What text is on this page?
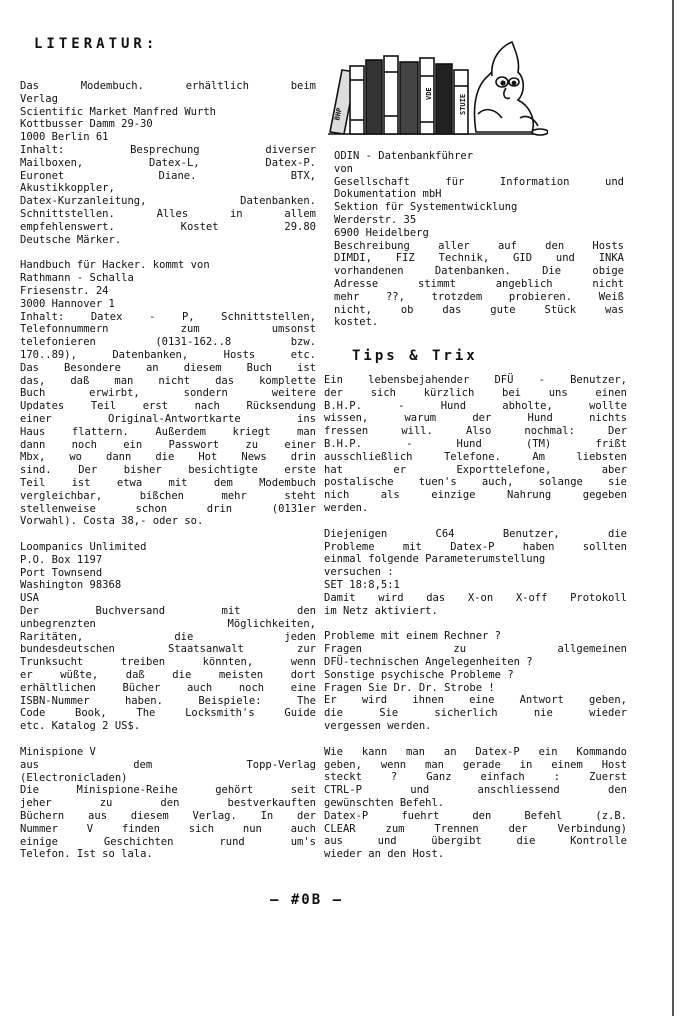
LITERATUR:
Das Modembuch. erhältlich beim
Verlag
Scientific Market Manfred Wurth
Kottbusser Damm 29-30
1000 Berlin 61
Inhalt: Besprechung diverser
Mailboxen, Datex-L, Datex-P.
Euronet Diane. BTX,
Akustikkoppler,
Datex-Kurzanleitung, Datenbanken.
Schnittstellen. Alles in allem
empfehlenswert. Kostet 29.80
Deutsche Märker.
Handbuch für Hacker. kommt von
Rathmann - Schalla
Friesenstr. 24
3000 Hannover 1
Inhalt: Datex - P, Schnittstellen,
Telefonnummern zum umsonst
telefonieren (0131-162..8 bzw.
170..89), Datenbanken, Hosts etc.
Das Besondere an diesem Buch ist
das, daß man nicht das komplette
Buch erwirbt, sondern weitere
Updates Teil erst nach Rücksendung
einer Original-Antwortkarte ins
Haus flattern. Außerdem kriegt man
dann noch ein Passwort zu einer
Mbx, wo dann die Hot News drin
sind. Der bisher besichtigte erste
Teil ist etwa mit dem Modembuch
vergleichbar, bißchen mehr steht
stellenweise schon drin (0131er
Vorwahl). Costa 38,- oder so.
Loompanics Unlimited
P.O. Box 1197
Port Townsend
Washington 98368
USA
Der Buchversand mit den
unbegrenzten Möglichkeiten,
Raritäten, die jeden
bundesdeutschen Staatsanwalt zur
Trunksucht treiben könnten, wenn
er wüßte, daß die meisten dort
erhältlichen Bücher auch noch eine
ISBN-Nummer haben. Beispiele: The
Code Book, The Locksmith's Guide
etc. Katalog 2 US$.
Minispione V
aus dem Topp-Verlag
(Electronicladen)
Die Minispione-Reihe gehört seit
jeher zu den bestverkauften
Büchern aus diesem Verlag. In der
Nummer V finden sich nun auch
einige Geschichten rund um's
Telefon. Ist so lala.
BHP
ODIN	VDE
STUIE
ODIN - Datenbankführer
von
Gesellschaft für Information und
Dokumentation mbH
Sektion für Systementwicklung
Werderstr. 35
6900 Heidelberg
Beschreibung aller auf den Hosts
DIMDI, FIZ Technik, GID und INKA
vorhandenen Datenbanken. Die obige
Adresse stimmt angeblich nicht
mehr ??, trotzdem probieren. Weiß
nicht, ob das gute Stück was
kostet.
Tips & Trix
Ein lebensbejahender DFÜ - Benutzer,
der sich kürzlich bei uns einen
B.H.P. - Hund abholte, wollte
wissen, warum der Hund nichts
fressen will. Also nochmal: Der
B.H.P. - Hund (TM) frißt
ausschließlich Telefone. Am liebsten
hat er Exporttelefone, aber
postalische tuen's auch, solange sie
nich als einzige Nahrung gegeben
werden.
Diejenigen C64 Benutzer, die
Probleme mit Datex-P haben sollten
einmal folgende Parameterumstellung
versuchen :
SET 18:8,5:1
Damit wird das X-on X-off Protokoll
im Netz aktiviert.
Probleme mit einem Rechner ?
Fragen zu allgemeinen
DFÜ-technischen Angelegenheiten ?
Sonstige psychische Probleme ?
Fragen Sie Dr. Dr. Strobe !
Er wird ihnen eine Antwort geben,
die Sie sicherlich nie wieder
vergessen werden.
Wie kann man an Datex-P ein Kommando
geben, wenn man gerade in einem Host
steckt ? Ganz einfach : Zuerst
CTRL-P und anschliessend den
gewünschten Befehl.
Datex-P fuehrt den Befehl (z.B.
CLEAR zum Trennen der Verbindung)
aus und übergibt die Kontrolle
wieder an den Host.
— #0B —
